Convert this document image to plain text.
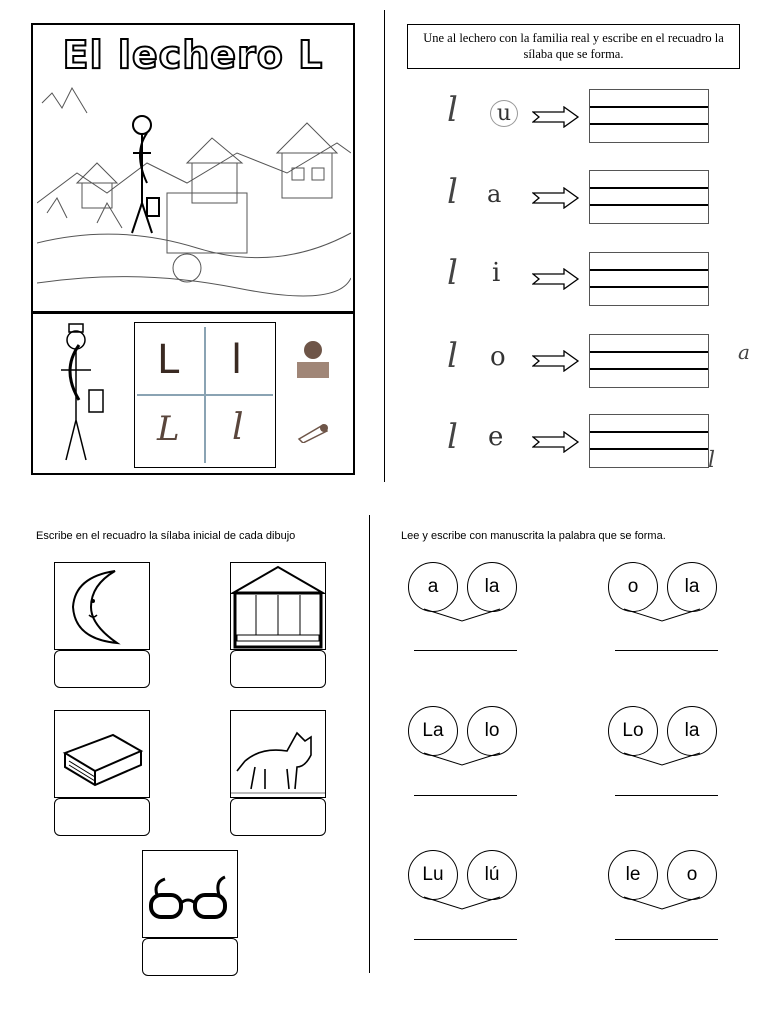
El lechero L
L l
L l
Une al lechero con la familia real y escribe en el recuadro la sílaba que se forma.
l	u
l a
l i
l o	a
l e
l
Escribe en el recuadro la sílaba inicial de cada dibujo	Lee y escribe con manuscrita la palabra que se forma.
a	la	o	la
La	lo	Lo	la
Lu	lú	le	o
